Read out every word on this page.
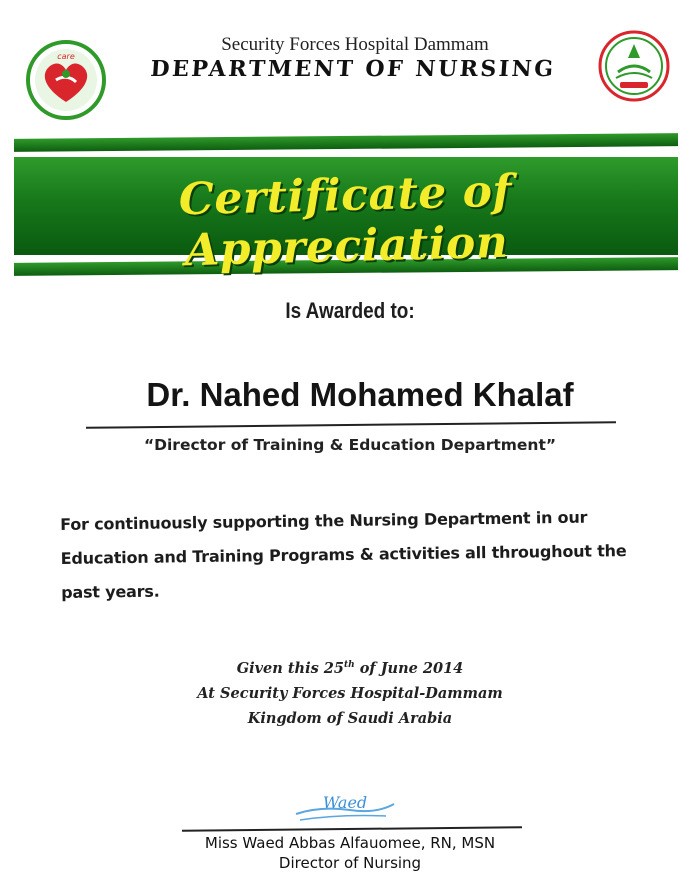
care
Security Forces Hospital Dammam
DEPARTMENT OF NURSING
Certificate of Appreciation
Is Awarded to:
Dr. Nahed Mohamed Khalaf
“Director of Training & Education Department”
For continuously supporting the Nursing Department in our Education and Training Programs & activities all throughout the past years.
Given this 25th of June 2014
At Security Forces Hospital-Dammam
Kingdom of Saudi Arabia
Waed
Miss Waed Abbas Alfauomee, RN, MSN
Director of Nursing
